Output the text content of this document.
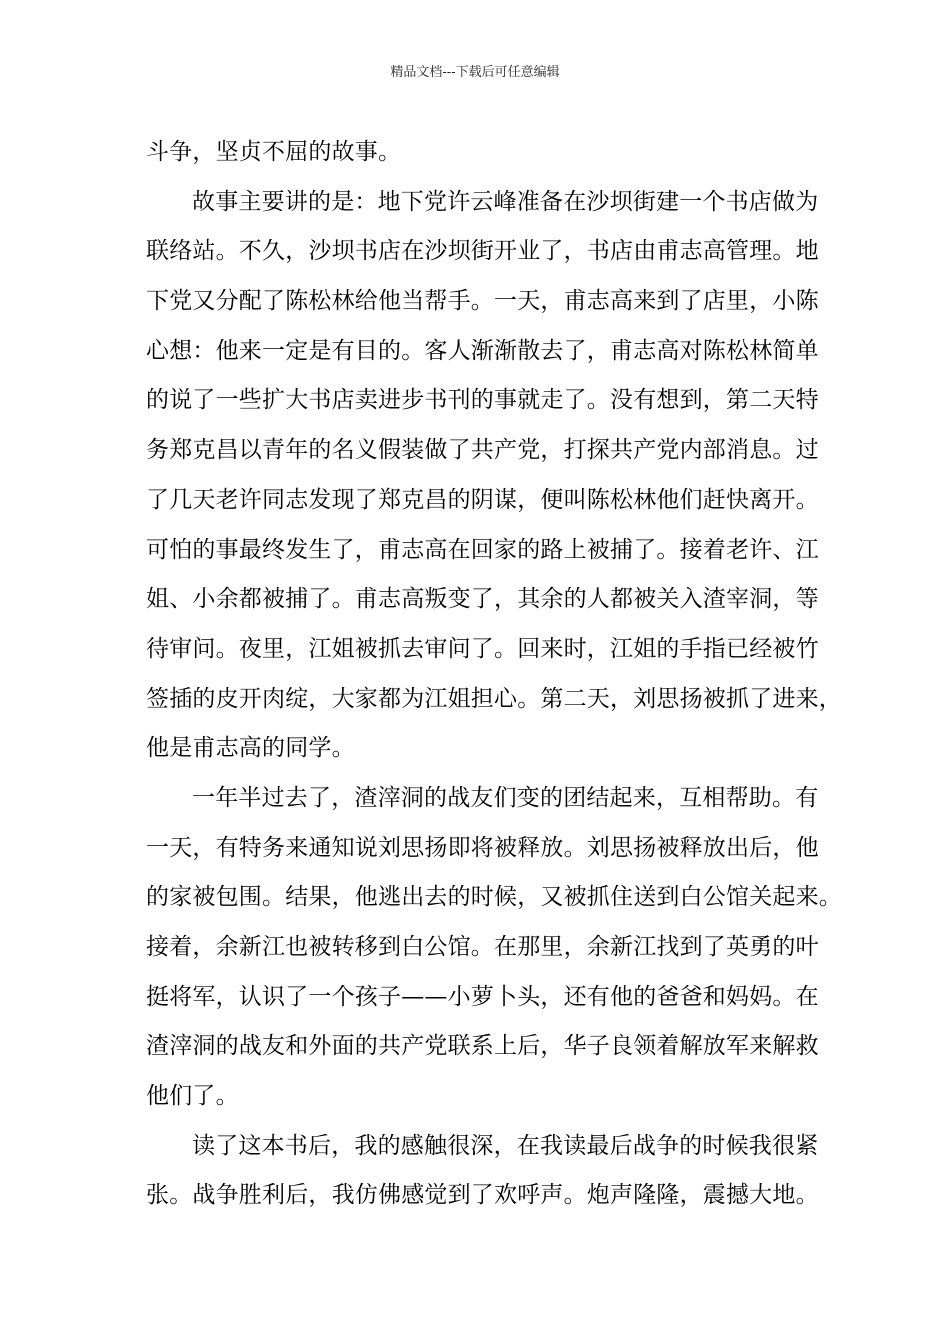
精品文档---下载后可任意编辑
斗争，坚贞不屈的故事。
故事主要讲的是：地下党许云峰准备在沙坝街建一个书店做为
联络站。不久，沙坝书店在沙坝街开业了，书店由甫志高管理。地
下党又分配了陈松林给他当帮手。一天，甫志高来到了店里，小陈
心想：他来一定是有目的。客人渐渐散去了，甫志高对陈松林简单
的说了一些扩大书店卖进步书刊的事就走了。没有想到，第二天特
务郑克昌以青年的名义假装做了共产党，打探共产党内部消息。过
了几天老许同志发现了郑克昌的阴谋，便叫陈松林他们赶快离开。
可怕的事最终发生了，甫志高在回家的路上被捕了。接着老许、江
姐、小余都被捕了。甫志高叛变了，其余的人都被关入渣宰洞，等
待审问。夜里，江姐被抓去审问了。回来时，江姐的手指已经被竹
签插的皮开肉绽，大家都为江姐担心。第二天，刘思扬被抓了进来，
他是甫志高的同学。
一年半过去了，渣滓洞的战友们变的团结起来，互相帮助。有
一天，有特务来通知说刘思扬即将被释放。刘思扬被释放出后，他
的家被包围。结果，他逃出去的时候，又被抓住送到白公馆关起来。
接着，余新江也被转移到白公馆。在那里，余新江找到了英勇的叶
挺将军，认识了一个孩子——小萝卜头，还有他的爸爸和妈妈。在
渣滓洞的战友和外面的共产党联系上后，华子良领着解放军来解救
他们了。
读了这本书后，我的感触很深，在我读最后战争的时候我很紧
张。战争胜利后，我仿佛感觉到了欢呼声。炮声隆隆，震撼大地。
